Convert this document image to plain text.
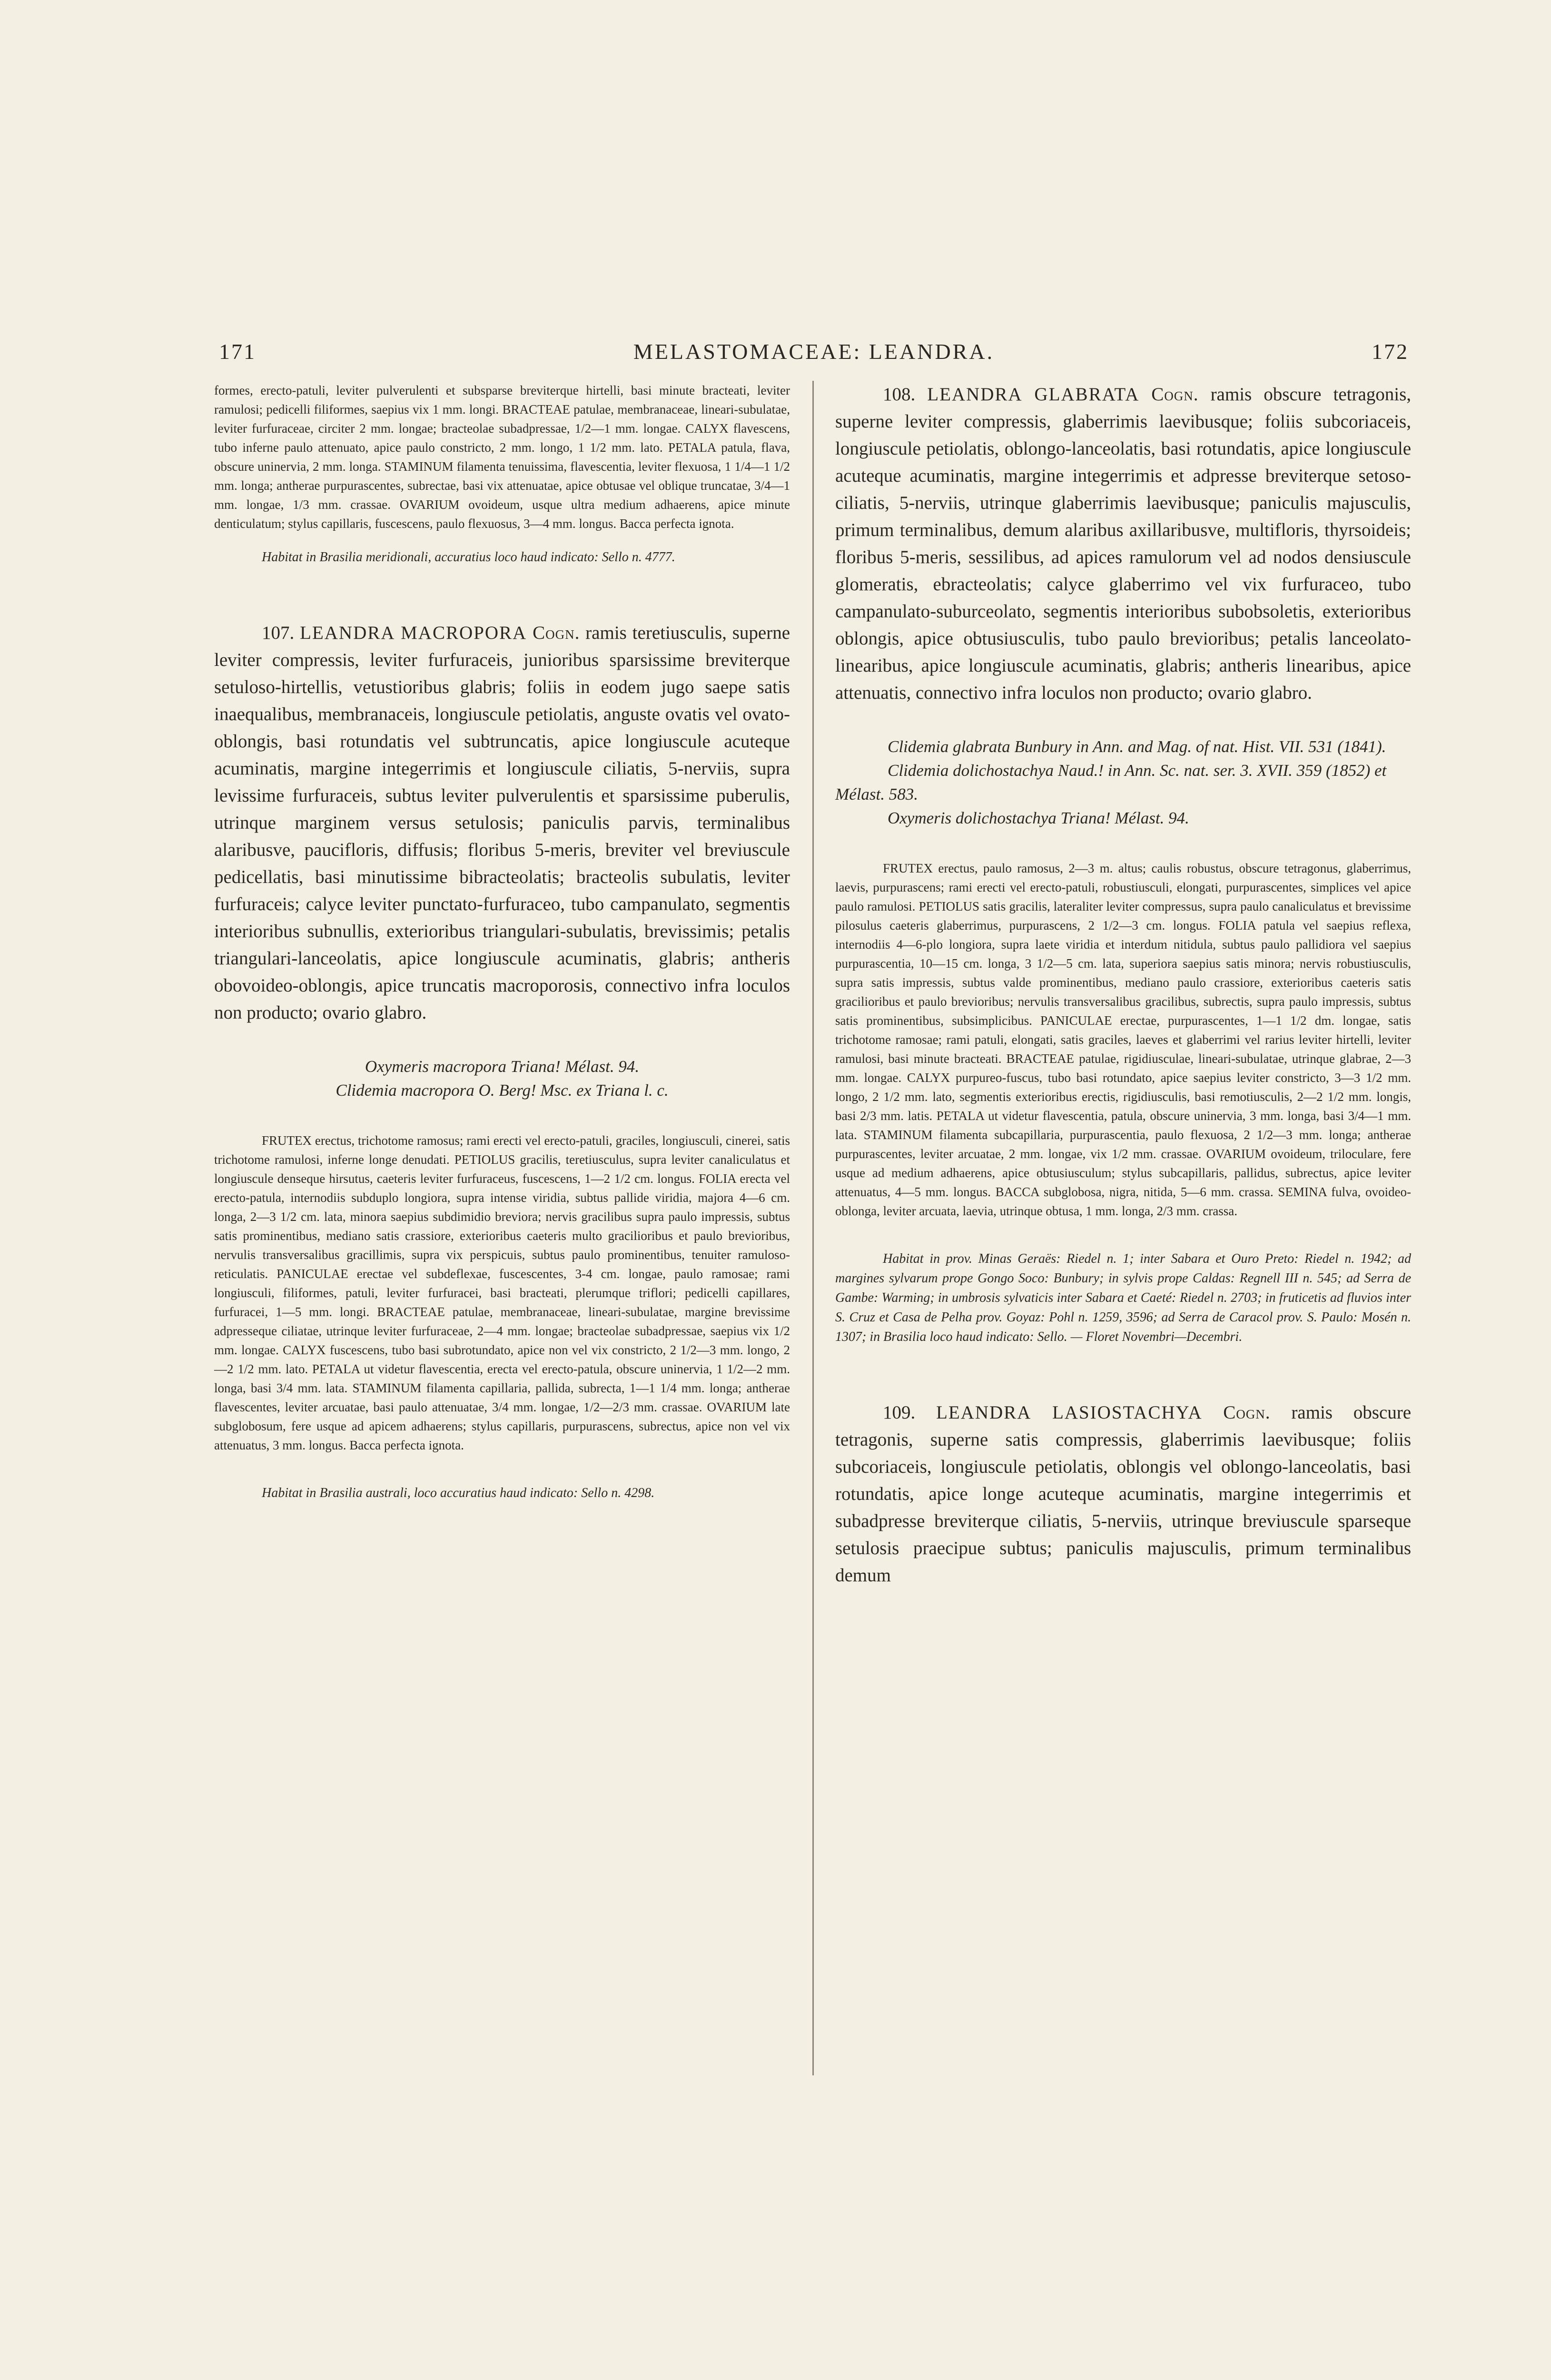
171	MELASTOMACEAE: LEANDRA.	172

formes, erecto-patuli, leviter pulverulenti et subsparse breviterque hirtelli, basi minute bracteati, leviter ramulosi; pedicelli filiformes, saepius vix 1 mm. longi. BRACTEAE patulae, membranaceae, lineari-subulatae, leviter furfuraceae, circiter 2 mm. longae; bracteolae subadpressae, 1/2—1 mm. longae. CALYX flavescens, tubo inferne paulo attenuato, apice paulo constricto, 2 mm. longo, 1 1/2 mm. lato. PETALA patula, flava, obscure uninervia, 2 mm. longa. STAMINUM filamenta tenuissima, flavescentia, leviter flexuosa, 1 1/4—1 1/2 mm. longa; antherae purpurascentes, subrectae, basi vix attenuatae, apice obtusae vel oblique truncatae, 3/4—1 mm. longae, 1/3 mm. crassae. OVARIUM ovoideum, usque ultra medium adhaerens, apice minute denticulatum; stylus capillaris, fuscescens, paulo flexuosus, 3—4 mm. longus. Bacca perfecta ignota.

Habitat in Brasilia meridionali, accuratius loco haud indicato: Sello n. 4777.

107. LEANDRA MACROPORA Cogn. ramis teretiusculis, superne leviter compressis, leviter furfuraceis, junioribus sparsissime breviterque setuloso-hirtellis, vetustioribus glabris; foliis in eodem jugo saepe satis inaequalibus, membranaceis, longiuscule petiolatis, anguste ovatis vel ovato-oblongis, basi rotundatis vel subtruncatis, apice longiuscule acuteque acuminatis, margine integerrimis et longiuscule ciliatis, 5-nerviis, supra levissime furfuraceis, subtus leviter pulverulentis et sparsissime puberulis, utrinque marginem versus setulosis; paniculis parvis, terminalibus alaribusve, paucifloris, diffusis; floribus 5-meris, breviter vel breviuscule pedicellatis, basi minutissime bibracteolatis; bracteolis subulatis, leviter furfuraceis; calyce leviter punctato-furfuraceo, tubo campanulato, segmentis interioribus subnullis, exterioribus triangulari-subulatis, brevissimis; petalis triangulari-lanceolatis, apice longiuscule acuminatis, glabris; antheris obovoideo-oblongis, apice truncatis macroporosis, connectivo infra loculos non producto; ovario glabro.

Oxymeris macropora Triana! Mélast. 94.

Clidemia macropora O. Berg! Msc. ex Triana l. c.

FRUTEX erectus, trichotome ramosus; rami erecti vel erecto-patuli, graciles, longiusculi, cinerei, satis trichotome ramulosi, inferne longe denudati. PETIOLUS gracilis, teretiusculus, supra leviter canaliculatus et longiuscule denseque hirsutus, caeteris leviter furfuraceus, fuscescens, 1—2 1/2 cm. longus. FOLIA erecta vel erecto-patula, internodiis subduplo longiora, supra intense viridia, subtus pallide viridia, majora 4—6 cm. longa, 2—3 1/2 cm. lata, minora saepius subdimidio breviora; nervis gracilibus supra paulo impressis, subtus satis prominentibus, mediano satis crassiore, exterioribus caeteris multo gracilioribus et paulo brevioribus, nervulis transversalibus gracillimis, supra vix perspicuis, subtus paulo prominentibus, tenuiter ramuloso-reticulatis. PANICULAE erectae vel subdeflexae, fuscescentes, 3-4 cm. longae, paulo ramosae; rami longiusculi, filiformes, patuli, leviter furfuracei, basi bracteati, plerumque triflori; pedicelli capillares, furfuracei, 1—5 mm. longi. BRACTEAE patulae, membranaceae, lineari-subulatae, margine brevissime adpresseque ciliatae, utrinque leviter furfuraceae, 2—4 mm. longae; bracteolae subadpressae, saepius vix 1/2 mm. longae. CALYX fuscescens, tubo basi subrotundato, apice non vel vix constricto, 2 1/2—3 mm. longo, 2—2 1/2 mm. lato. PETALA ut videtur flavescentia, erecta vel erecto-patula, obscure uninervia, 1 1/2—2 mm. longa, basi 3/4 mm. lata. STAMINUM filamenta capillaria, pallida, subrecta, 1—1 1/4 mm. longa; antherae flavescentes, leviter arcuatae, basi paulo attenuatae, 3/4 mm. longae, 1/2—2/3 mm. crassae. OVARIUM late subglobosum, fere usque ad apicem adhaerens; stylus capillaris, purpurascens, subrectus, apice non vel vix attenuatus, 3 mm. longus. Bacca perfecta ignota.

Habitat in Brasilia australi, loco accuratius haud indicato: Sello n. 4298.

108. LEANDRA GLABRATA Cogn. ramis obscure tetragonis, superne leviter compressis, glaberrimis laevibusque; foliis subcoriaceis, longiuscule petiolatis, oblongo-lanceolatis, basi rotundatis, apice longiuscule acuteque acuminatis, margine integerrimis et adpresse breviterque setoso-ciliatis, 5-nerviis, utrinque glaberrimis laevibusque; paniculis majusculis, primum terminalibus, demum alaribus axillaribusve, multifloris, thyrsoideis; floribus 5-meris, sessilibus, ad apices ramulorum vel ad nodos densiuscule glomeratis, ebracteolatis; calyce glaberrimo vel vix furfuraceo, tubo campanulato-suburceolato, segmentis interioribus subobsoletis, exterioribus oblongis, apice obtusiusculis, tubo paulo brevioribus; petalis lanceolato-linearibus, apice longiuscule acuminatis, glabris; antheris linearibus, apice attenuatis, connectivo infra loculos non producto; ovario glabro.

Clidemia glabrata Bunbury in Ann. and Mag. of nat. Hist. VII. 531 (1841).

Clidemia dolichostachya Naud.! in Ann. Sc. nat. ser. 3. XVII. 359 (1852) et Mélast. 583.

Oxymeris dolichostachya Triana! Mélast. 94.

FRUTEX erectus, paulo ramosus, 2—3 m. altus; caulis robustus, obscure tetragonus, glaberrimus, laevis, purpurascens; rami erecti vel erecto-patuli, robustiusculi, elongati, purpurascentes, simplices vel apice paulo ramulosi. PETIOLUS satis gracilis, lateraliter leviter compressus, supra paulo canaliculatus et brevissime pilosulus caeteris glaberrimus, purpurascens, 2 1/2—3 cm. longus. FOLIA patula vel saepius reflexa, internodiis 4—6-plo longiora, supra laete viridia et interdum nitidula, subtus paulo pallidiora vel saepius purpurascentia, 10—15 cm. longa, 3 1/2—5 cm. lata, superiora saepius satis minora; nervis robustiusculis, supra satis impressis, subtus valde prominentibus, mediano paulo crassiore, exterioribus caeteris satis gracilioribus et paulo brevioribus; nervulis transversalibus gracilibus, subrectis, supra paulo impressis, subtus satis prominentibus, subsimplicibus. PANICULAE erectae, purpurascentes, 1—1 1/2 dm. longae, satis trichotome ramosae; rami patuli, elongati, satis graciles, laeves et glaberrimi vel rarius leviter hirtelli, leviter ramulosi, basi minute bracteati. BRACTEAE patulae, rigidiusculae, lineari-subulatae, utrinque glabrae, 2—3 mm. longae. CALYX purpureo-fuscus, tubo basi rotundato, apice saepius leviter constricto, 3—3 1/2 mm. longo, 2 1/2 mm. lato, segmentis exterioribus erectis, rigidiusculis, basi remotiusculis, 2—2 1/2 mm. longis, basi 2/3 mm. latis. PETALA ut videtur flavescentia, patula, obscure uninervia, 3 mm. longa, basi 3/4—1 mm. lata. STAMINUM filamenta subcapillaria, purpurascentia, paulo flexuosa, 2 1/2—3 mm. longa; antherae purpurascentes, leviter arcuatae, 2 mm. longae, vix 1/2 mm. crassae. OVARIUM ovoideum, triloculare, fere usque ad medium adhaerens, apice obtusiusculum; stylus subcapillaris, pallidus, subrectus, apice leviter attenuatus, 4—5 mm. longus. BACCA subglobosa, nigra, nitida, 5—6 mm. crassa. SEMINA fulva, ovoideo-oblonga, leviter arcuata, laevia, utrinque obtusa, 1 mm. longa, 2/3 mm. crassa.

Habitat in prov. Minas Geraës: Riedel n. 1; inter Sabara et Ouro Preto: Riedel n. 1942; ad margines sylvarum prope Gongo Soco: Bunbury; in sylvis prope Caldas: Regnell III n. 545; ad Serra de Gambe: Warming; in umbrosis sylvaticis inter Sabara et Caeté: Riedel n. 2703; in fruticetis ad fluvios inter S. Cruz et Casa de Pelha prov. Goyaz: Pohl n. 1259, 3596; ad Serra de Caracol prov. S. Paulo: Mosén n. 1307; in Brasilia loco haud indicato: Sello. — Floret Novembri—Decembri.

109. LEANDRA LASIOSTACHYA Cogn. ramis obscure tetragonis, superne satis compressis, glaberrimis laevibusque; foliis subcoriaceis, longiuscule petiolatis, oblongis vel oblongo-lanceolatis, basi rotundatis, apice longe acuteque acuminatis, margine integerrimis et subadpresse breviterque ciliatis, 5-nerviis, utrinque breviuscule sparseque setulosis praecipue subtus; paniculis majusculis, primum terminalibus demum
